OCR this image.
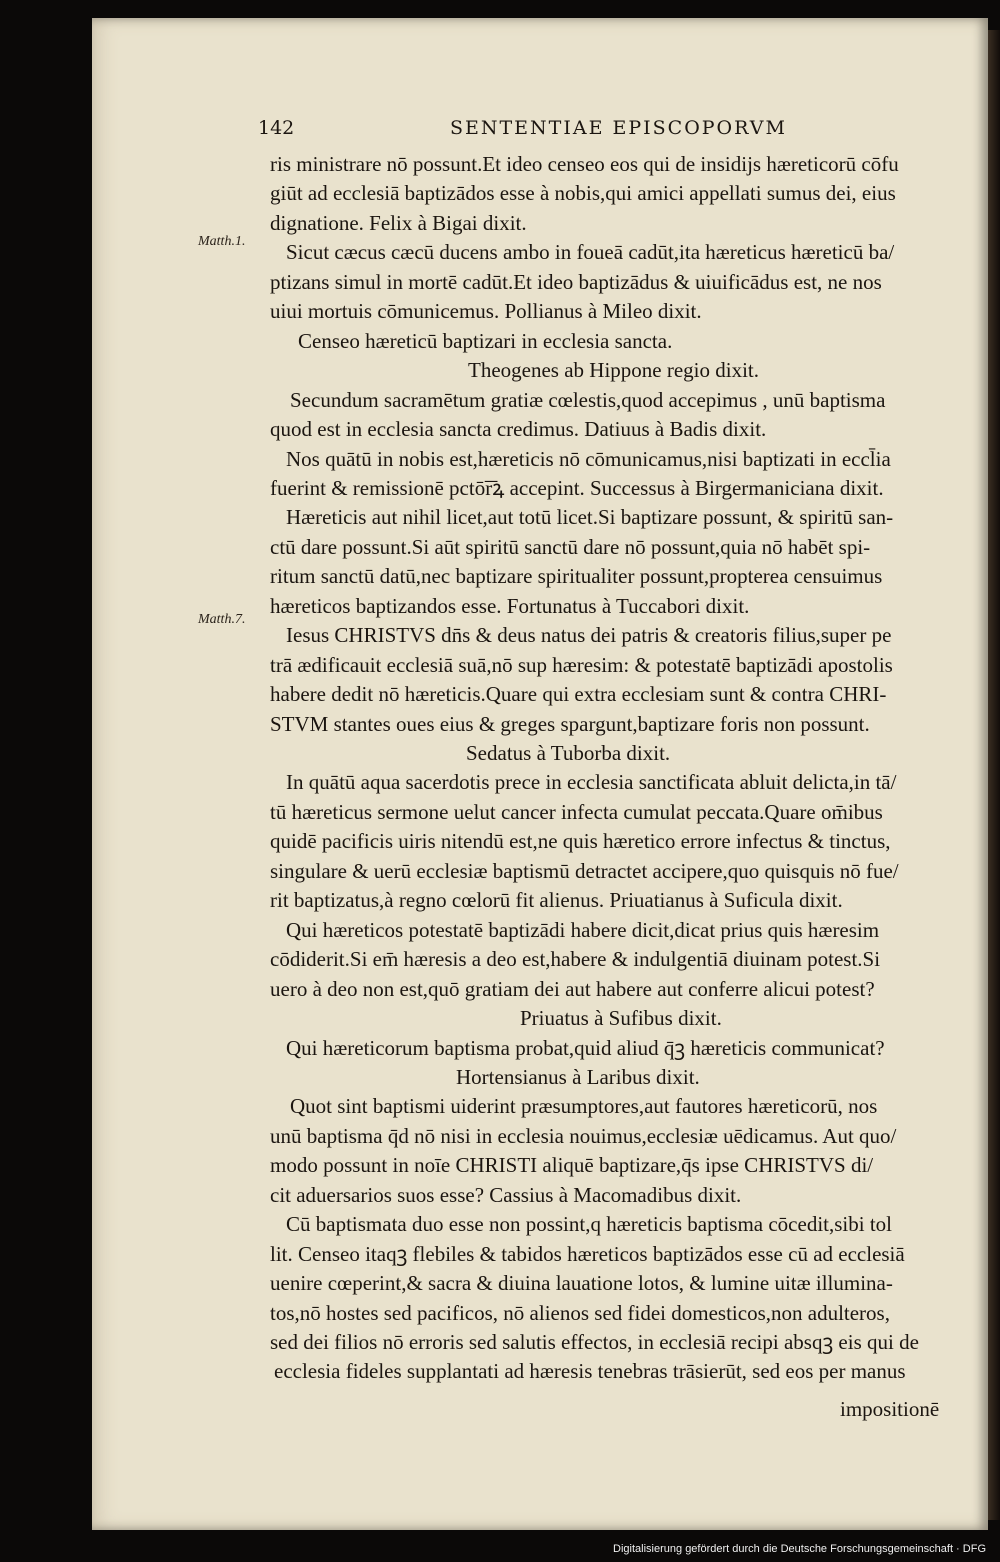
142	SENTENTIAE EPISCOPORVM
Matth.1.
Matth.7.
ris ministrare nō possunt.Et ideo censeo eos qui de insidijs hæreticorū cōfu
giūt ad ecclesiā baptizādos esse à nobis,qui amici appellati sumus dei, eius
dignatione. Felix à Bigai dixit.
Sicut cæcus cæcū ducens ambo in foueā cadūt,ita hæreticus hæreticū ba/
ptizans simul in mortē cadūt.Et ideo baptizādus & uiuificādus est, ne nos
uiui mortuis cōmunicemus. Pollianus à Mileo dixit.
Censeo hæreticū baptizari in ecclesia sancta.
Theogenes ab Hippone regio dixit.
Secundum sacramētum gratiæ cœlestis,quod accepimus , unū baptisma
quod est in ecclesia sancta credimus. Datiuus à Badis dixit.
Nos quātū in nobis est,hæreticis nō cōmunicamus,nisi baptizati in eccl̄ia
fuerint & remissionē pctō͞rꝝ accepint. Successus à Birgermaniciana dixit.
Hæreticis aut nihil licet,aut totū licet.Si baptizare possunt, & spiritū san-
ctū dare possunt.Si aūt spiritū sanctū dare nō possunt,quia nō habēt spi-
ritum sanctū datū,nec baptizare spiritualiter possunt,propterea censuimus
hæreticos baptizandos esse. Fortunatus à Tuccabori dixit.
Iesus CHRISTVS dn̄s & deus natus dei patris & creatoris filius,super pe
trā ædificauit ecclesiā suā,nō sup hæresim: & potestatē baptizādi apostolis
habere dedit nō hæreticis.Quare qui extra ecclesiam sunt & contra CHRI-
STVM stantes oues eius & greges spargunt,baptizare foris non possunt.
Sedatus à Tuborba dixit.
In quātū aqua sacerdotis prece in ecclesia sanctificata abluit delicta,in tā/
tū hæreticus sermone uelut cancer infecta cumulat peccata.Quare om̄ibus
quidē pacificis uiris nitendū est,ne quis hæretico errore infectus & tinctus,
singulare & uerū ecclesiæ baptismū detractet accipere,quo quisquis nō fue/
rit baptizatus,à regno cœlorū fit alienus. Priuatianus à Suficula dixit.
Qui hæreticos potestatē baptizādi habere dicit,dicat prius quis hæresim
cōdiderit.Si em̄ hæresis a deo est,habere & indulgentiā diuinam potest.Si
uero à deo non est,quō gratiam dei aut habere aut conferre alicui potest?
Priuatus à Sufibus dixit.
Qui hæreticorum baptisma probat,quid aliud q̄ꝫ hæreticis communicat?
Hortensianus à Laribus dixit.
Quot sint baptismi uiderint præsumptores,aut fautores hæreticorū, nos
unū baptisma q̄d nō nisi in ecclesia nouimus,ecclesiæ uēdicamus. Aut quo/
modo possunt in noīe CHRISTI aliquē baptizare,q̄s ipse CHRISTVS di/
cit aduersarios suos esse? Cassius à Macomadibus dixit.
Cū baptismata duo esse non possint,q hæreticis baptisma cōcedit,sibi tol
lit. Censeo itaqꝫ flebiles & tabidos hæreticos baptizādos esse cū ad ecclesiā
uenire cœperint,& sacra & diuina lauatione lotos, & lumine uitæ illumina-
tos,nō hostes sed pacificos, nō alienos sed fidei domesticos,non adulteros,
sed dei filios nō erroris sed salutis effectos, in ecclesiā recipi absqꝫ eis qui de
ecclesia fideles supplantati ad hæresis tenebras trāsierūt, sed eos per manus
impositionē
Digitalisierung gefördert durch die Deutsche Forschungsgemeinschaft · DFG
